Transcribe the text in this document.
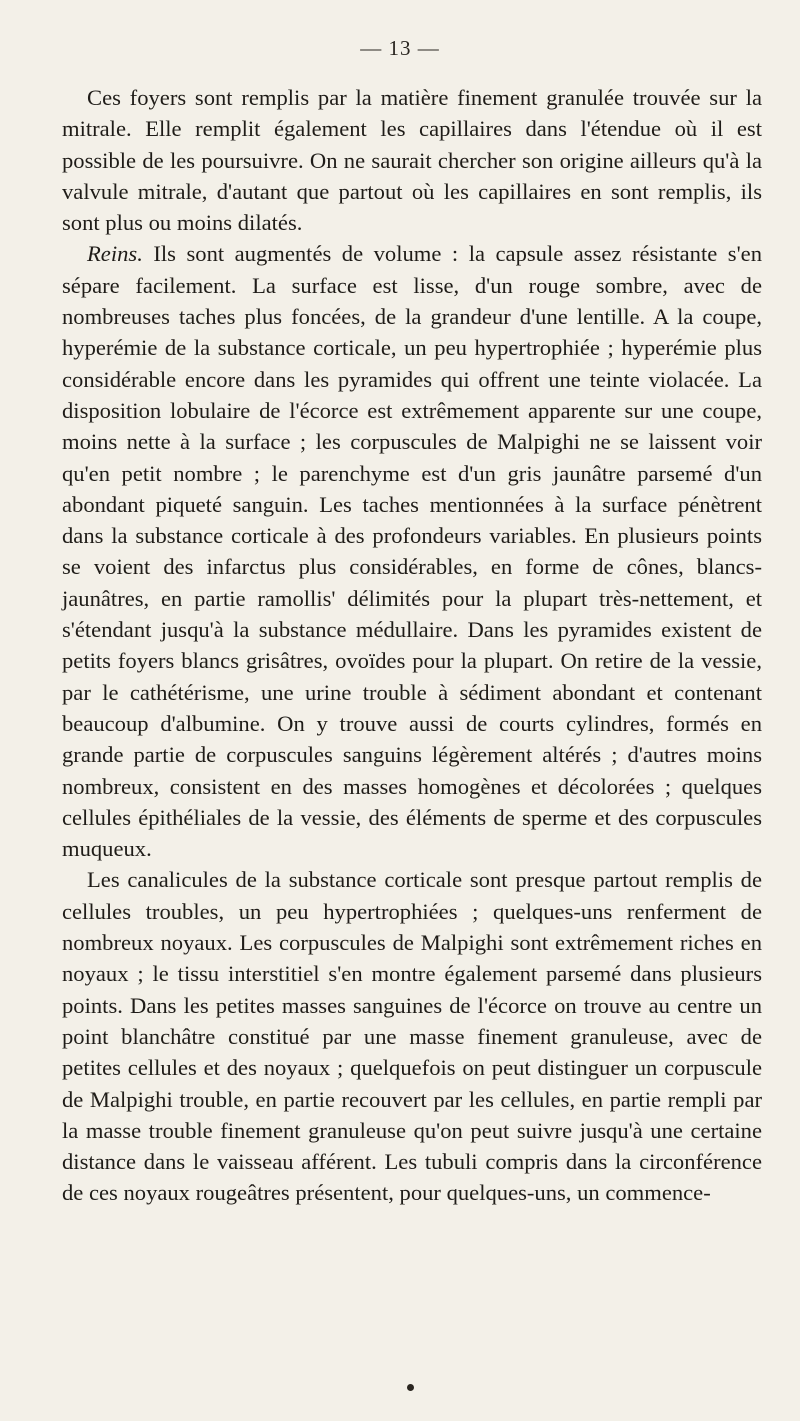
— 13 —

Ces foyers sont remplis par la matière finement granulée trouvée sur la mitrale. Elle remplit également les capillaires dans l'étendue où il est possible de les poursuivre. On ne saurait chercher son origine ailleurs qu'à la valvule mitrale, d'autant que partout où les capillaires en sont remplis, ils sont plus ou moins dilatés.

Reins. Ils sont augmentés de volume : la capsule assez résistante s'en sépare facilement. La surface est lisse, d'un rouge sombre, avec de nombreuses taches plus foncées, de la grandeur d'une lentille. A la coupe, hyperémie de la substance corticale, un peu hypertrophiée ; hyperémie plus considérable encore dans les pyramides qui offrent une teinte violacée. La disposition lobulaire de l'écorce est extrêmement apparente sur une coupe, moins nette à la surface ; les corpuscules de Malpighi ne se laissent voir qu'en petit nombre ; le parenchyme est d'un gris jaunâtre parsemé d'un abondant piqueté sanguin. Les taches mentionnées à la surface pénètrent dans la substance corticale à des profondeurs variables. En plusieurs points se voient des infarctus plus considérables, en forme de cônes, blancs-jaunâtres, en partie ramollis' délimités pour la plupart très-nettement, et s'étendant jusqu'à la substance médullaire. Dans les pyramides existent de petits foyers blancs grisâtres, ovoïdes pour la plupart. On retire de la vessie, par le cathétérisme, une urine trouble à sédiment abondant et contenant beaucoup d'albumine. On y trouve aussi de courts cylindres, formés en grande partie de corpuscules sanguins légèrement altérés ; d'autres moins nombreux, consistent en des masses homogènes et décolorées ; quelques cellules épithéliales de la vessie, des éléments de sperme et des corpuscules muqueux.

Les canalicules de la substance corticale sont presque partout remplis de cellules troubles, un peu hypertrophiées ; quelques-uns renferment de nombreux noyaux. Les corpuscules de Malpighi sont extrêmement riches en noyaux ; le tissu interstitiel s'en montre également parsemé dans plusieurs points. Dans les petites masses sanguines de l'écorce on trouve au centre un point blanchâtre constitué par une masse finement granuleuse, avec de petites cellules et des noyaux ; quelquefois on peut distinguer un corpuscule de Malpighi trouble, en partie recouvert par les cellules, en partie rempli par la masse trouble finement granuleuse qu'on peut suivre jusqu'à une certaine distance dans le vaisseau afférent. Les tubuli compris dans la circonférence de ces noyaux rougeâtres présentent, pour quelques-uns, un commence-
